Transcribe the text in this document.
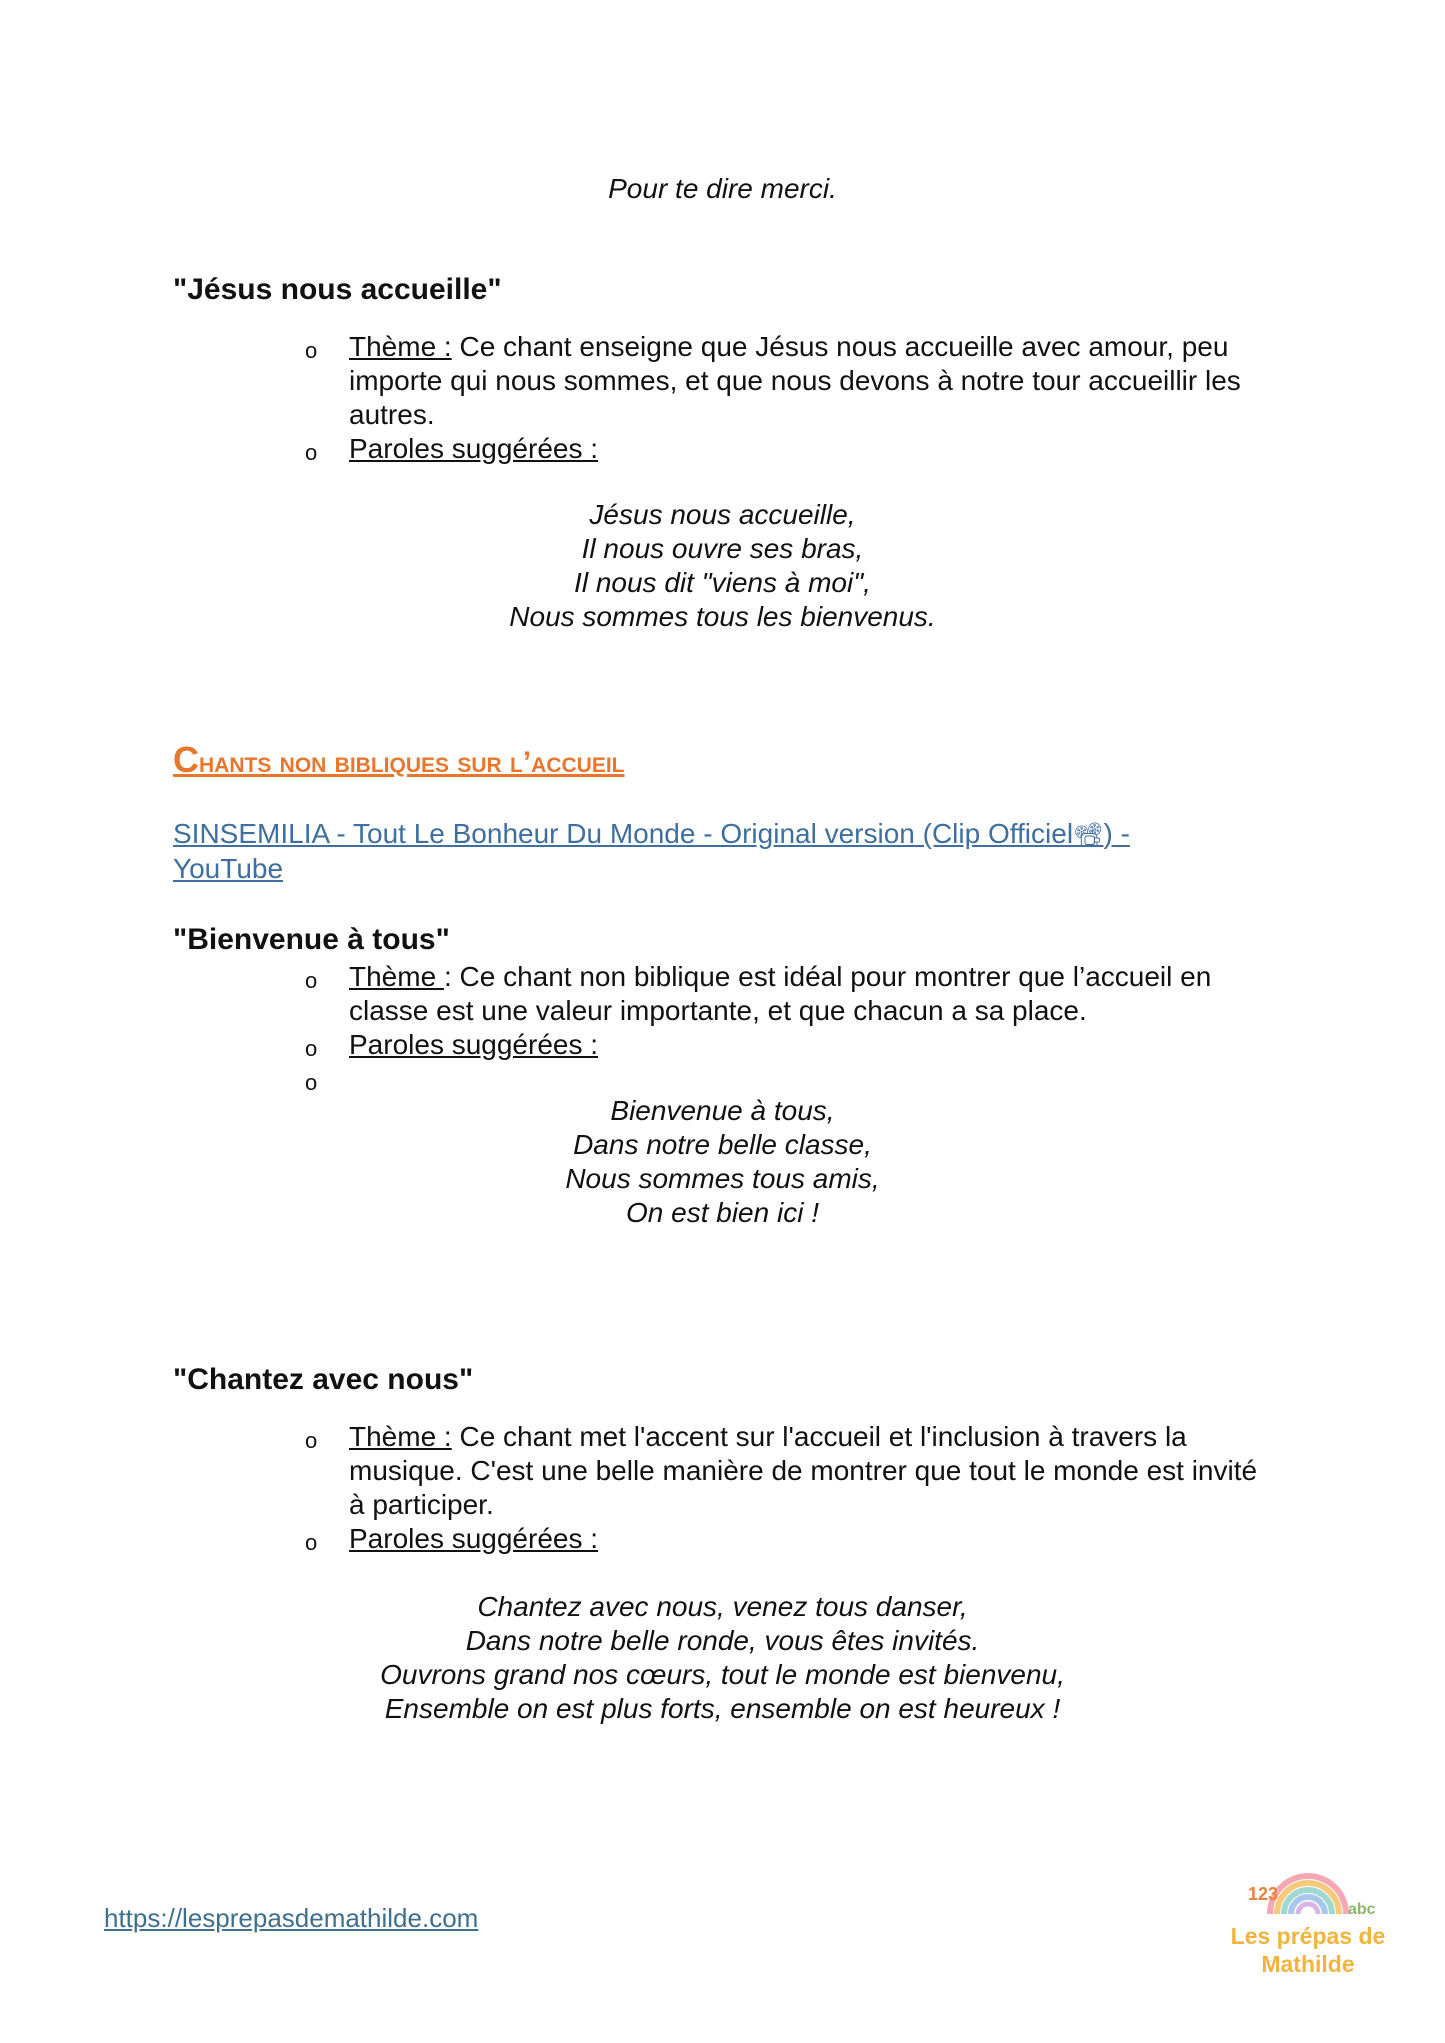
Pour te dire merci.
"Jésus nous accueille"
o Thème : Ce chant enseigne que Jésus nous accueille avec amour, peu importe qui nous sommes, et que nous devons à notre tour accueillir les autres.
o Paroles suggérées :
Jésus nous accueille,
Il nous ouvre ses bras,
Il nous dit "viens à moi",
Nous sommes tous les bienvenus.
Chants non bibliques sur l’accueil
SINSEMILIA - Tout Le Bonheur Du Monde - Original version (Clip Officiel📽) -
YouTube
"Bienvenue à tous"
o Thème : Ce chant non biblique est idéal pour montrer que l’accueil en classe est une valeur importante, et que chacun a sa place.
o Paroles suggérées :
o
Bienvenue à tous,
Dans notre belle classe,
Nous sommes tous amis,
On est bien ici !
"Chantez avec nous"
o Thème : Ce chant met l'accent sur l'accueil et l'inclusion à travers la musique. C'est une belle manière de montrer que tout le monde est invité à participer.
o Paroles suggérées :
Chantez avec nous, venez tous danser,
Dans notre belle ronde, vous êtes invités.
Ouvrons grand nos cœurs, tout le monde est bienvenu,
Ensemble on est plus forts, ensemble on est heureux !
https://lesprepasdemathilde.com
123
abc
Les prépas de
Mathilde
